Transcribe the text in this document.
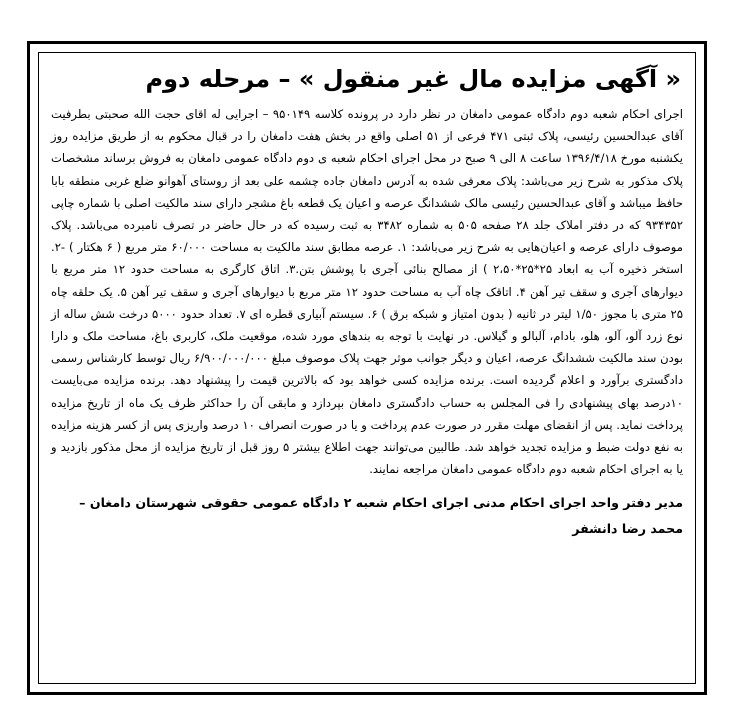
« آگهی مزایده مال غیر منقول » – مرحله دوم

اجرای احکام شعبه دوم دادگاه عمومی دامغان در نظر دارد در پرونده کلاسه ۹۵۰۱۴۹ – اجرایی له اقای حجت الله صحبتی بطرفیت آقای عبدالحسین رئیسی، پلاک ثبتی ۴۷۱ فرعی از ۵۱ اصلی واقع در بخش هفت دامغان را در قبال محکوم به از طریق مزایده روز یکشنبه مورخ ۱۳۹۶/۴/۱۸ ساعت ۸ الی ۹ صبح در محل اجرای احکام شعبه ی دوم دادگاه عمومی دامغان به فروش برساند مشخصات پلاک مذکور به شرح زیر می‌باشد: پلاک معرفی شده به آدرس دامغان جاده چشمه علی بعد از روستای آهوانو ضلع غربی منطقه بابا حافظ میباشد و آقای عبدالحسین رئیسی مالک ششدانگ عرصه و اعیان یک قطعه باغ مشجر دارای سند مالکیت اصلی با شماره چاپی ۹۳۴۳۵۲ که در دفتر املاک جلد ۲۸ صفحه ۵۰۵ به شماره ۳۴۸۲ به ثبت رسیده که در حال حاضر در تصرف نامبرده می‌باشد. پلاک موصوف دارای عرصه و اعیان‌هایی به شرح زیر می‌باشد: ۱. عرصه مطابق سند مالکیت به مساحت ۶۰/۰۰۰ متر مربع ( ۶ هکتار ) -۲. استخر ذخیره آب به ابعاد ۲۵*۲۵*۲،۵۰ ) از مصالح بنائی آجری با پوشش بتن.۳. اتاق کارگری به مساحت حدود ۱۲ متر مربع با دیوارهای آجری و سقف تیر آهن ۴. اتاقک چاه آب به مساحت حدود ۱۲ متر مربع با دیوارهای آجری و سقف تیر آهن ۵. یک حلقه چاه ۲۵ متری با مجوز ۱/۵۰ لیتر در ثانیه ( بدون امتیاز و شبکه برق ) ۶. سیستم آبیاری قطره ای ۷. تعداد حدود ۵۰۰۰ درخت شش ساله از نوع زرد آلو، آلو، هلو، بادام، آلبالو و گیلاس. در نهایت با توجه به بندهای مورد شده، موقعیت ملک، کاربری باغ، مساحت ملک و دارا بودن سند مالکیت ششدانگ عرصه، اعیان و دیگر جوانب موثر جهت پلاک موصوف مبلغ ۶/۹۰۰/۰۰۰/۰۰۰ ریال توسط کارشناس رسمی دادگستری برآورد و اعلام گردیده است. برنده مزایده کسی خواهد بود که بالاترین قیمت را پیشنهاد دهد. برنده مزایده می‌بایست ۱۰درصد بهای پیشنهادی را فی المجلس به حساب دادگستری دامغان بپردازد و مابقی آن را حداکثر ظرف یک ماه از تاریخ مزایده پرداخت نماید. پس از انقضای مهلت مقرر در صورت عدم پرداخت و یا در صورت انصراف ۱۰ درصد واریزی پس از کسر هزینه مزایده به نفع دولت ضبط و مزایده تجدید خواهد شد. طالبین می‌توانند جهت اطلاع بیشتر ۵ روز قبل از تاریخ مزایده از محل مذکور بازدید و یا به اجرای احکام شعبه دوم دادگاه عمومی دامغان مراجعه نمایند.

مدیر دفتر واحد اجرای احکام مدنی اجرای احکام شعبه ۲ دادگاه عمومی حقوقی شهرستان دامغان –
محمد رضا دانشفر
